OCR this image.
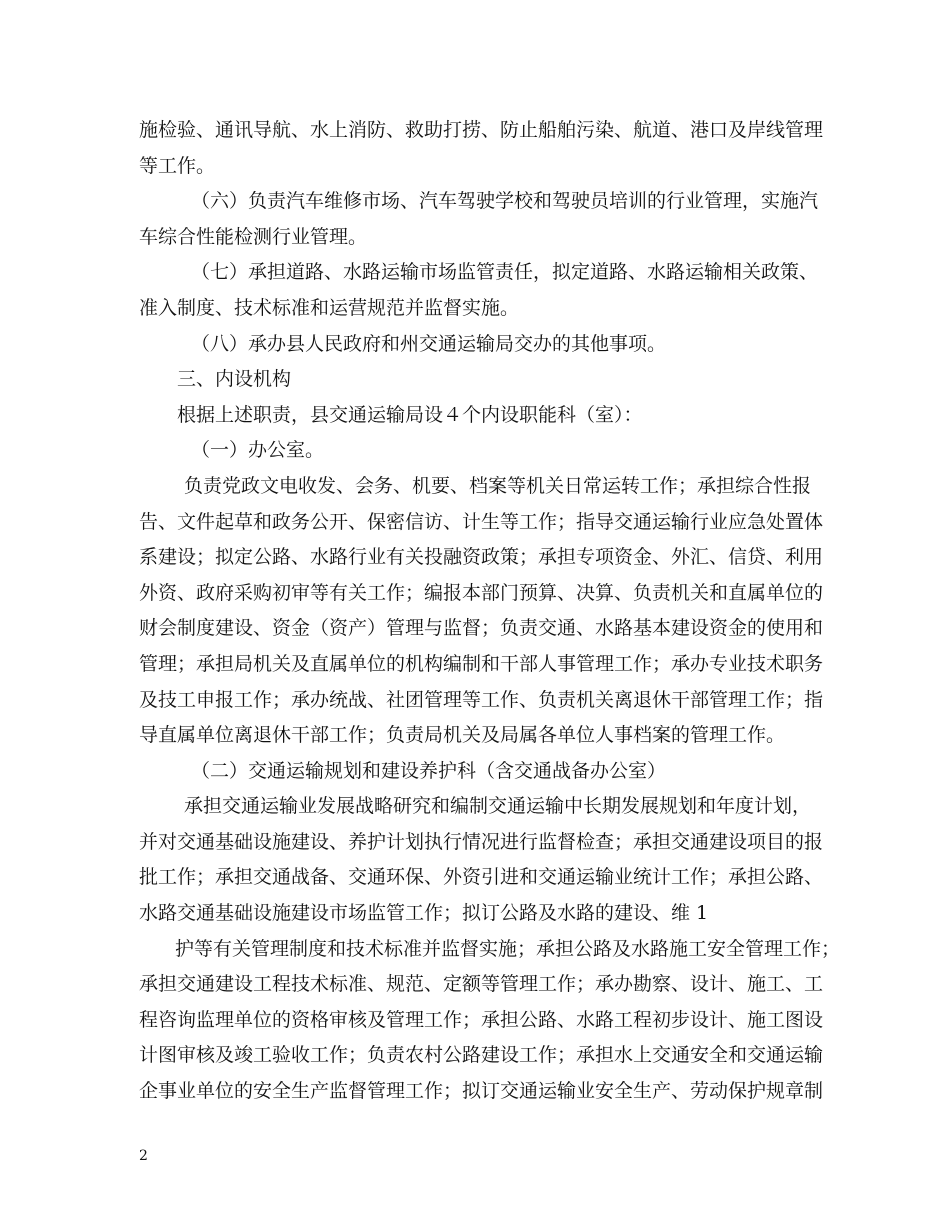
施检验、通讯导航、水上消防、救助打捞、防止船舶污染、航道、港口及岸线管理
等工作。
（六）负责汽车维修市场、汽车驾驶学校和驾驶员培训的行业管理，实施汽
车综合性能检测行业管理。
（七）承担道路、水路运输市场监管责任，拟定道路、水路运输相关政策、
准入制度、技术标准和运营规范并监督实施。
（八）承办县人民政府和州交通运输局交办的其他事项。
三、内设机构
根据上述职责，县交通运输局设４个内设职能科（室）：
（一）办公室。
负责党政文电收发、会务、机要、档案等机关日常运转工作；承担综合性报
告、文件起草和政务公开、保密信访、计生等工作；指导交通运输行业应急处置体
系建设；拟定公路、水路行业有关投融资政策；承担专项资金、外汇、信贷、利用
外资、政府采购初审等有关工作；编报本部门预算、决算、负责机关和直属单位的
财会制度建设、资金（资产）管理与监督；负责交通、水路基本建设资金的使用和
管理；承担局机关及直属单位的机构编制和干部人事管理工作；承办专业技术职务
及技工申报工作；承办统战、社团管理等工作、负责机关离退休干部管理工作；指
导直属单位离退休干部工作；负责局机关及局属各单位人事档案的管理工作。
（二）交通运输规划和建设养护科（含交通战备办公室）
承担交通运输业发展战略研究和编制交通运输中长期发展规划和年度计划，
并对交通基础设施建设、养护计划执行情况进行监督检查；承担交通建设项目的报
批工作；承担交通战备、交通环保、外资引进和交通运输业统计工作；承担公路、
水路交通基础设施建设市场监管工作；拟订公路及水路的建设、维 1
护等有关管理制度和技术标准并监督实施；承担公路及水路施工安全管理工作；
承担交通建设工程技术标准、规范、定额等管理工作；承办勘察、设计、施工、工
程咨询监理单位的资格审核及管理工作；承担公路、水路工程初步设计、施工图设
计图审核及竣工验收工作；负责农村公路建设工作；承担水上交通安全和交通运输
企事业单位的安全生产监督管理工作；拟订交通运输业安全生产、劳动保护规章制
2
